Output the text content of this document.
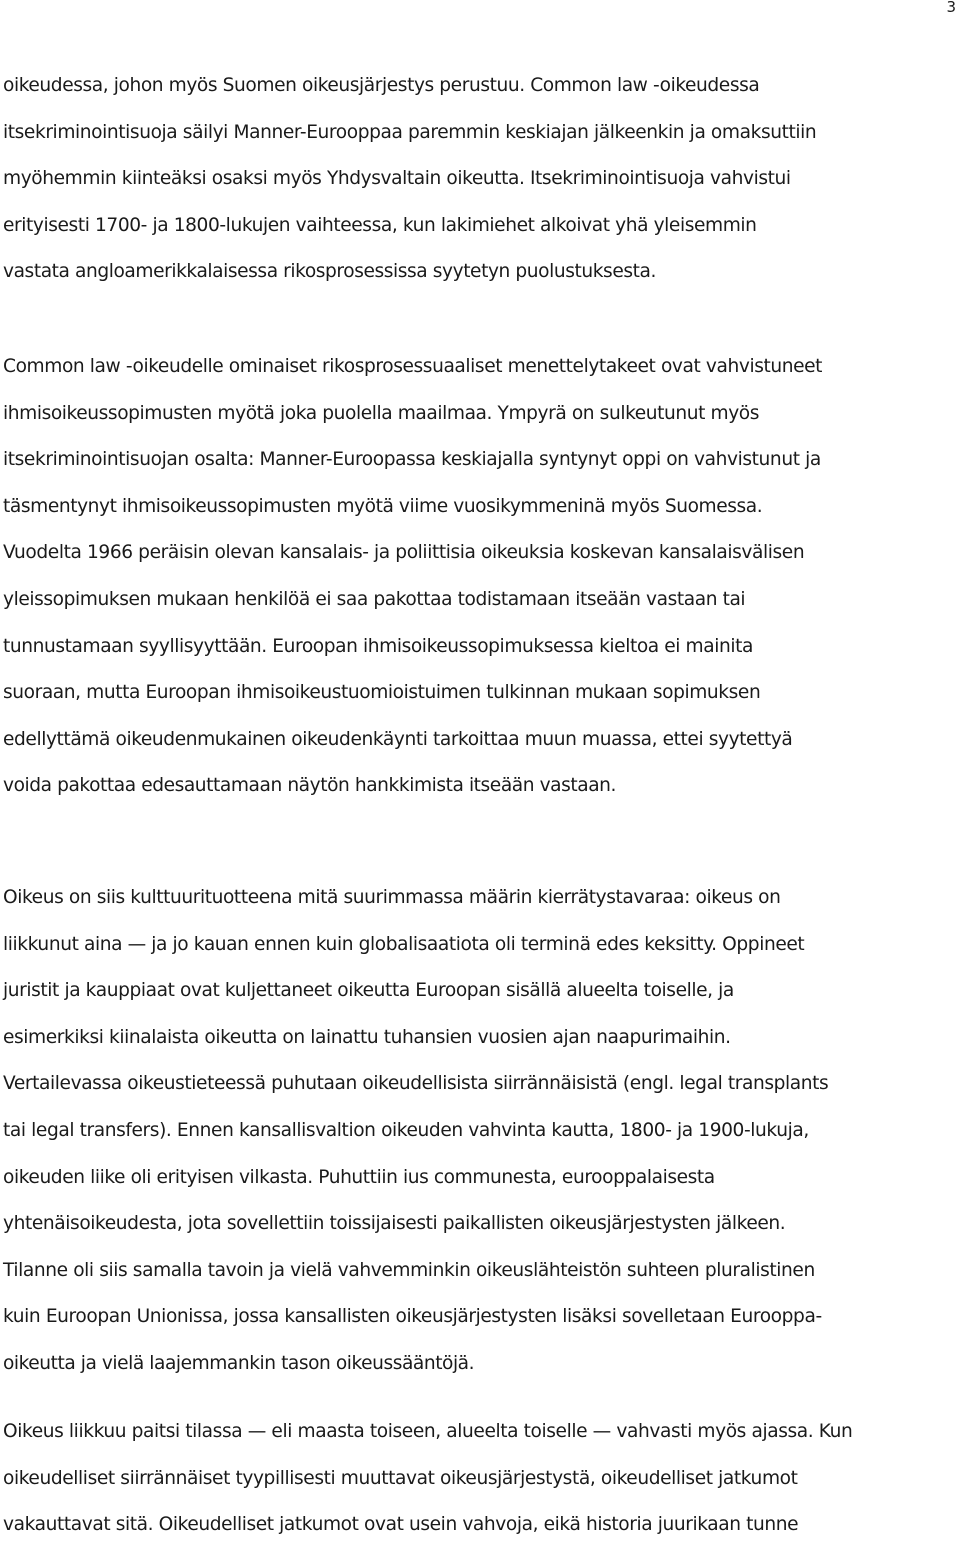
3
oikeudessa, johon myös Suomen oikeusjärjestys perustuu. Common law -oikeudessa
itsekriminointisuoja säilyi Manner-Eurooppaa paremmin keskiajan jälkeenkin ja omaksuttiin
myöhemmin kiinteäksi osaksi myös Yhdysvaltain oikeutta. Itsekriminointisuoja vahvistui
erityisesti 1700- ja 1800-lukujen vaihteessa, kun lakimiehet alkoivat yhä yleisemmin
vastata angloamerikkalaisessa rikosprosessissa syytetyn puolustuksesta.
Common law -oikeudelle ominaiset rikosprosessuaaliset menettelytakeet ovat vahvistuneet
ihmisoikeussopimusten myötä joka puolella maailmaa. Ympyrä on sulkeutunut myös
itsekriminointisuojan osalta: Manner-Euroopassa keskiajalla syntynyt oppi on vahvistunut ja
täsmentynyt ihmisoikeussopimusten myötä viime vuosikymmeninä myös Suomessa.
Vuodelta 1966 peräisin olevan kansalais- ja poliittisia oikeuksia koskevan kansalaisvälisen
yleissopimuksen mukaan henkilöä ei saa pakottaa todistamaan itseään vastaan tai
tunnustamaan syyllisyyttään. Euroopan ihmisoikeussopimuksessa kieltoa ei mainita
suoraan, mutta Euroopan ihmisoikeustuomioistuimen tulkinnan mukaan sopimuksen
edellyttämä oikeudenmukainen oikeudenkäynti tarkoittaa muun muassa, ettei syytettyä
voida pakottaa edesauttamaan näytön hankkimista itseään vastaan.
Oikeus on siis kulttuurituotteena mitä suurimmassa määrin kierrätystavaraa: oikeus on
liikkunut aina — ja jo kauan ennen kuin globalisaatiota oli terminä edes keksitty. Oppineet
juristit ja kauppiaat ovat kuljettaneet oikeutta Euroopan sisällä alueelta toiselle, ja
esimerkiksi kiinalaista oikeutta on lainattu tuhansien vuosien ajan naapurimaihin.
Vertailevassa oikeustieteessä puhutaan oikeudellisista siirrännäisistä (engl. legal transplants
tai legal transfers). Ennen kansallisvaltion oikeuden vahvinta kautta, 1800- ja 1900-lukuja,
oikeuden liike oli erityisen vilkasta. Puhuttiin ius communesta, eurooppalaisesta
yhtenäisoikeudesta, jota sovellettiin toissijaisesti paikallisten oikeusjärjestysten jälkeen.
Tilanne oli siis samalla tavoin ja vielä vahvemminkin oikeuslähteistön suhteen pluralistinen
kuin Euroopan Unionissa, jossa kansallisten oikeusjärjestysten lisäksi sovelletaan Eurooppa-
oikeutta ja vielä laajemmankin tason oikeussääntöjä.
Oikeus liikkuu paitsi tilassa — eli maasta toiseen, alueelta toiselle — vahvasti myös ajassa. Kun
oikeudelliset siirrännäiset tyypillisesti muuttavat oikeusjärjestystä, oikeudelliset jatkumot
vakauttavat sitä. Oikeudelliset jatkumot ovat usein vahvoja, eikä historia juurikaan tunne
